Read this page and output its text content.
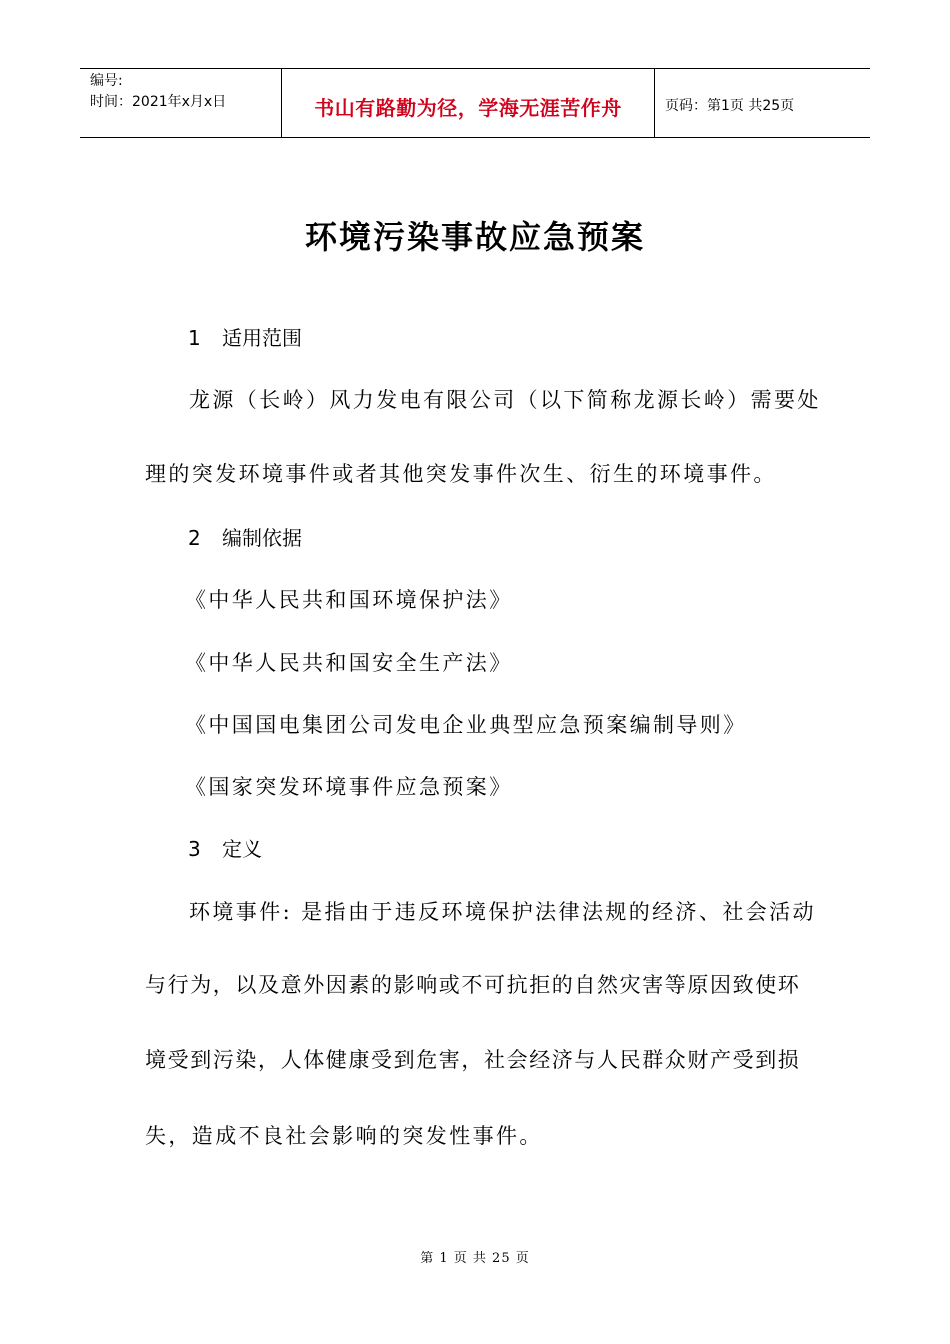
编号:
时间：2021年x月x日	书山有路勤为径，学海无涯苦作舟	页码：第1页 共25页
环境污染事故应急预案
1 适用范围
龙源（长岭）风力发电有限公司（以下简称龙源长岭）需要处
理的突发环境事件或者其他突发事件次生、衍生的环境事件。
2 编制依据
《中华人民共和国环境保护法》
《中华人民共和国安全生产法》
《中国国电集团公司发电企业典型应急预案编制导则》
《国家突发环境事件应急预案》
3 定义
环境事件: 是指由于违反环境保护法律法规的经济、社会活动
与行为，以及意外因素的影响或不可抗拒的自然灾害等原因致使环
境受到污染，人体健康受到危害，社会经济与人民群众财产受到损
失，造成不良社会影响的突发性事件。
第 1 页 共 25 页
